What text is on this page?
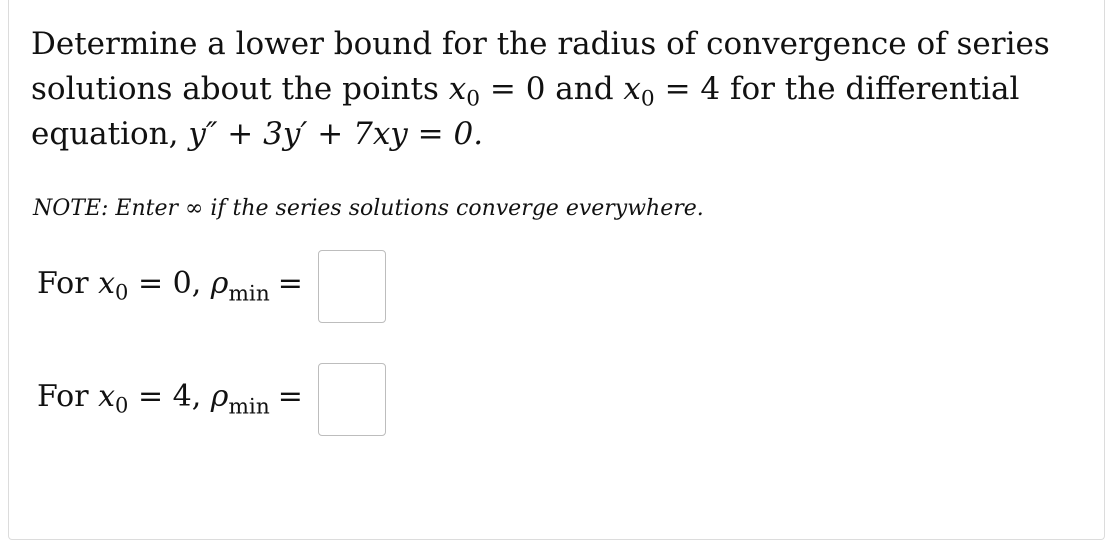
Determine a lower bound for the radius of convergence of series
solutions about the points $x_0 = 0$ and $x_0 = 4$ for the differential
equation, y″ + 3y′ + 7xy = 0.
NOTE: Enter ∞ if the series solutions converge everywhere.
For $x_0 = 0$, $\rho_{min}$ =
For $x_0 = 4$, $\rho_{min}$ =
